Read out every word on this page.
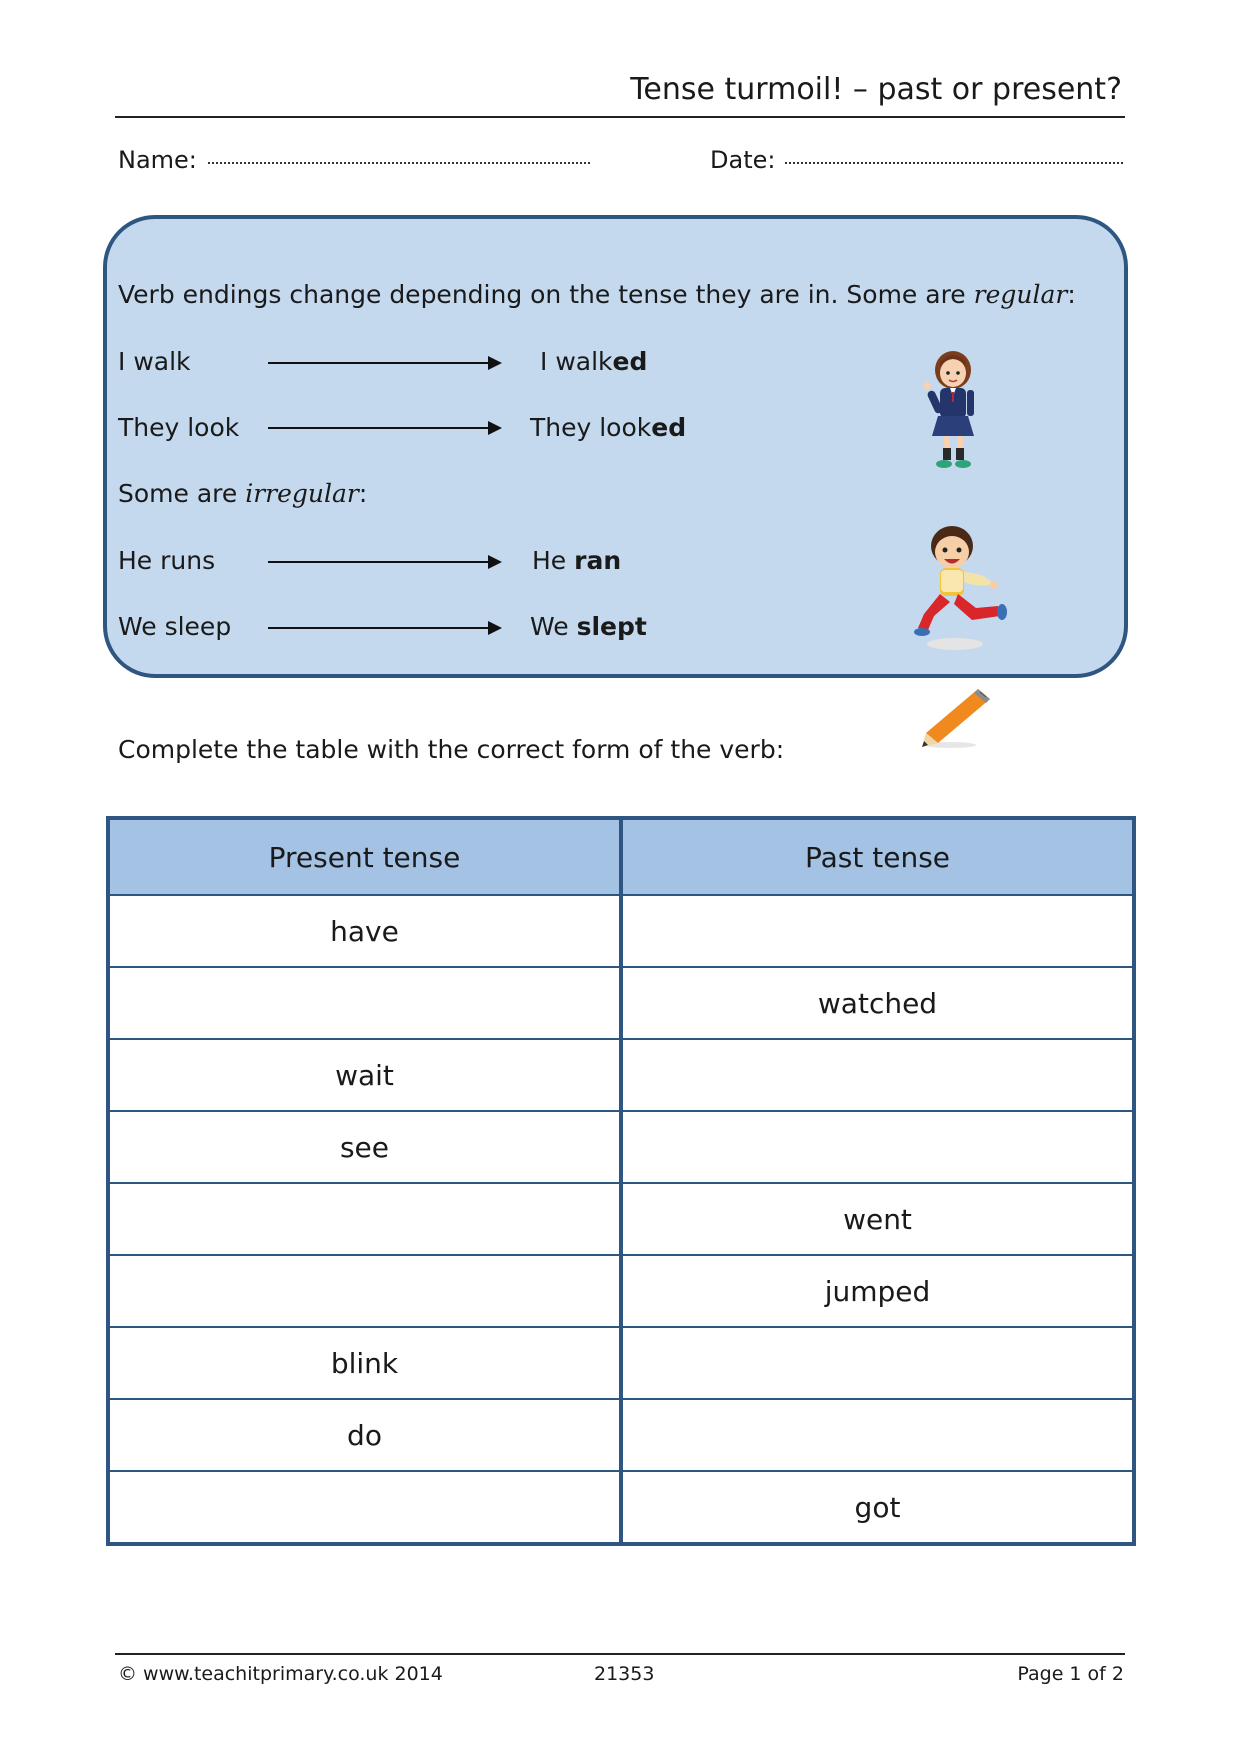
Tense turmoil! – past or present?
Name:	Date:
Verb endings change depending on the tense they are in. Some are regular:
I walk	I walked
They look	They looked
Some are irregular:
He runs	He ran
We sleep	We slept
Complete the table with the correct form of the verb:
Present tense	Past tense
have	
	watched
wait	
see	
	went
	jumped
blink	
do	
	got
© www.teachitprimary.co.uk 2014	21353	Page 1 of 2
